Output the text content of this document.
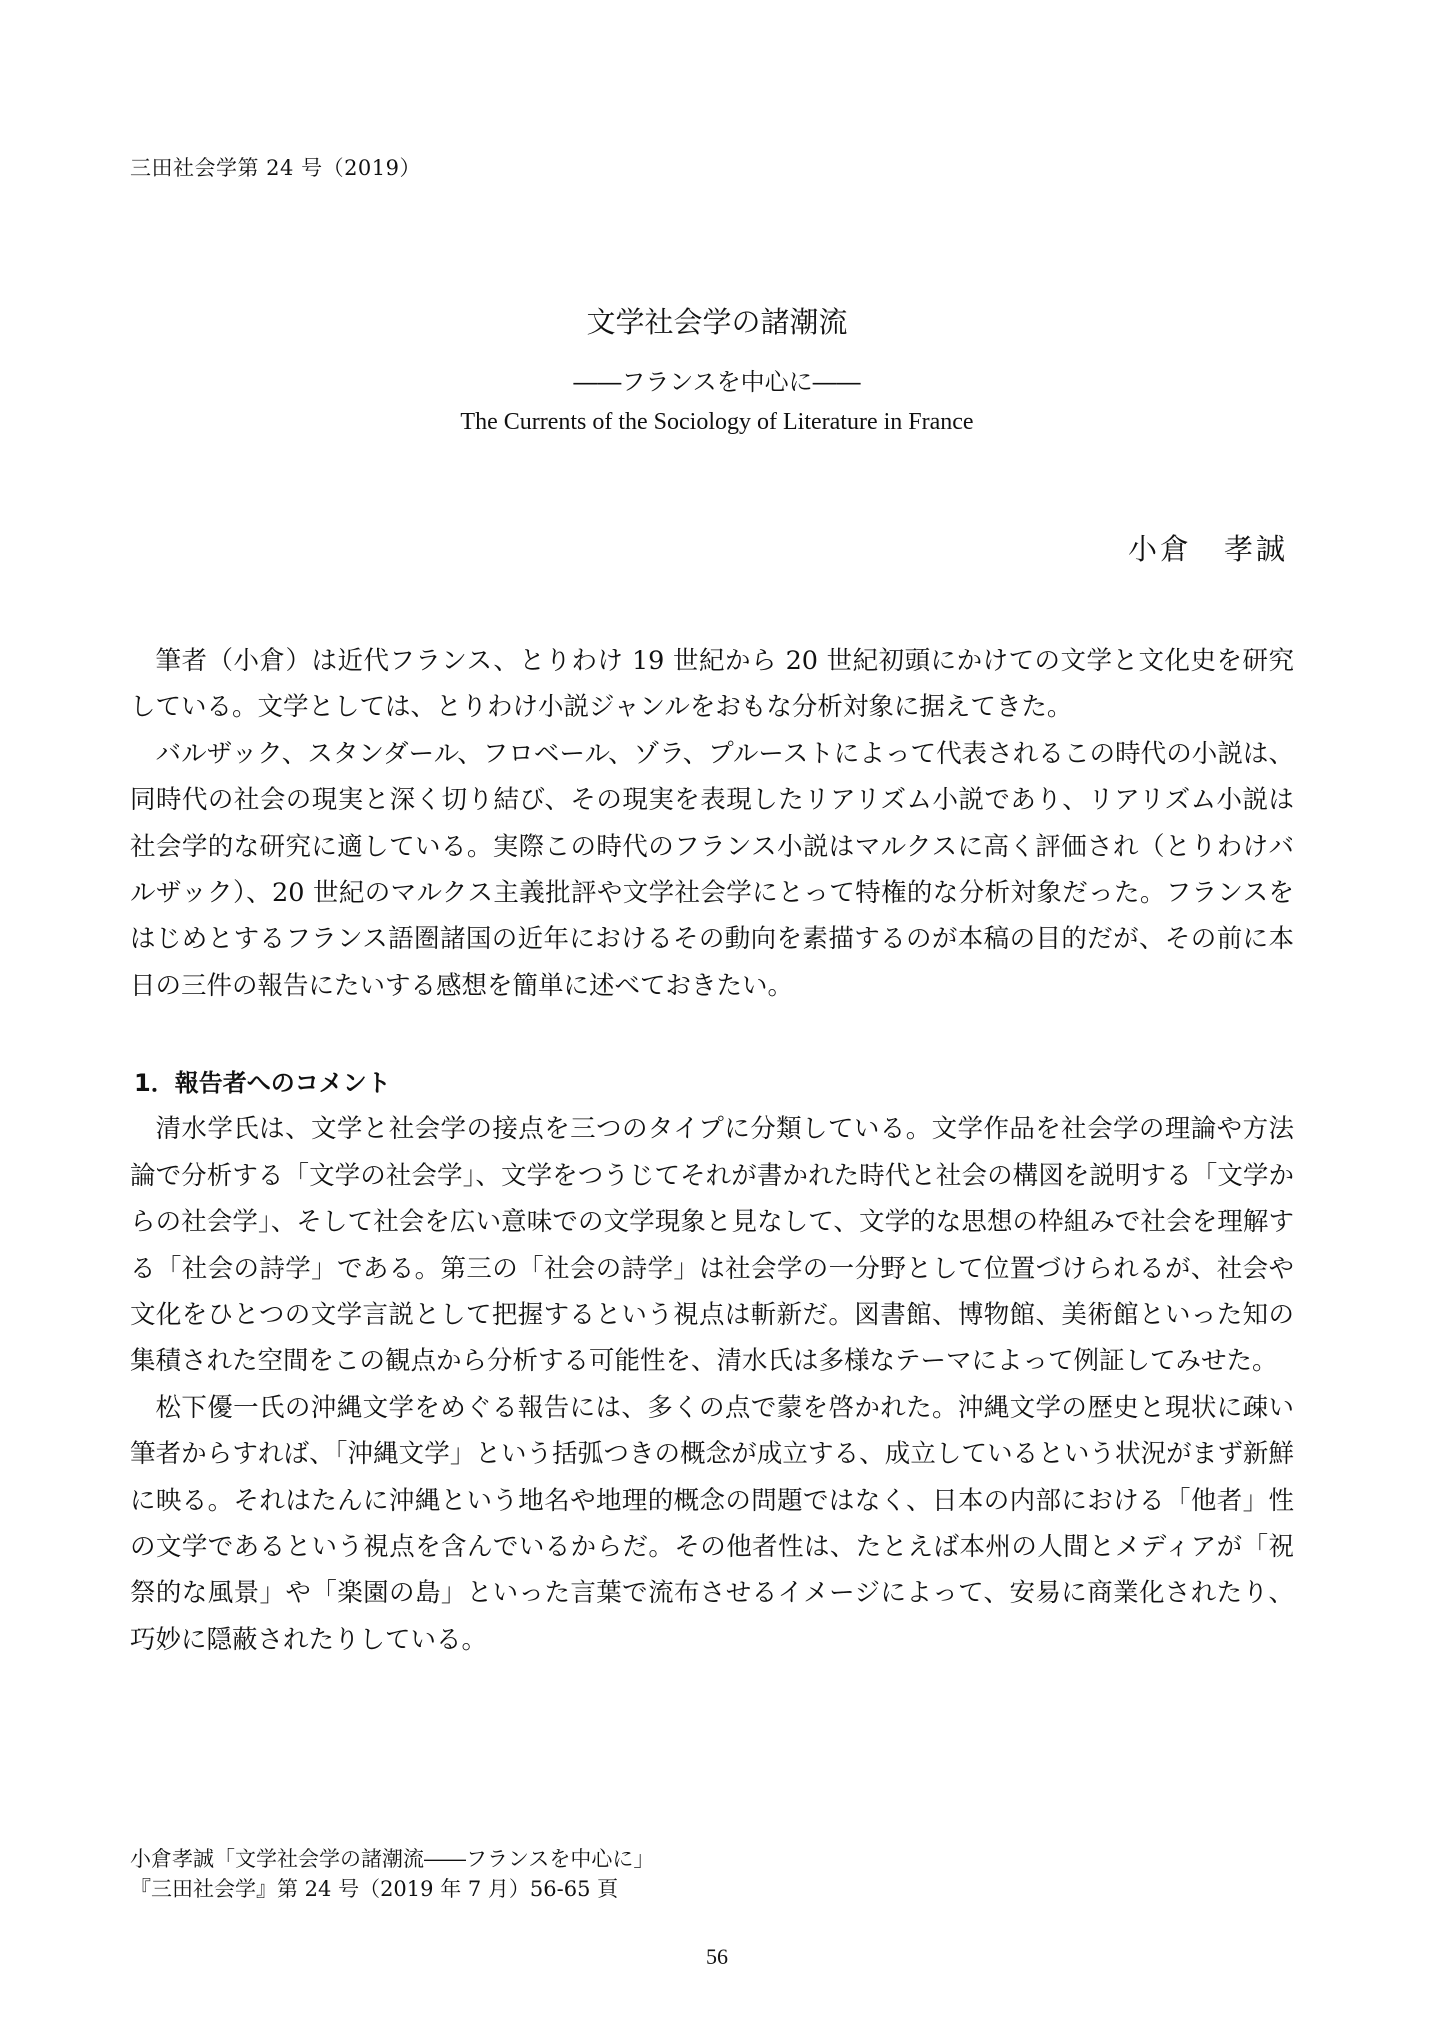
三田社会学第 24 号（2019）
文学社会学の諸潮流
――フランスを中心に――
The Currents of the Sociology of Literature in France
小倉　孝誠

筆者（小倉）は近代フランス、とりわけ 19 世紀から 20 世紀初頭にかけての文学と文化史を研究している。文学としては、とりわけ小説ジャンルをおもな分析対象に据えてきた。

バルザック、スタンダール、フロベール、ゾラ、プルーストによって代表されるこの時代の小説は、同時代の社会の現実と深く切り結び、その現実を表現したリアリズム小説であり、リアリズム小説は社会学的な研究に適している。実際この時代のフランス小説はマルクスに高く評価され（とりわけバルザック）、20 世紀のマルクス主義批評や文学社会学にとって特権的な分析対象だった。フランスをはじめとするフランス語圏諸国の近年におけるその動向を素描するのが本稿の目的だが、その前に本日の三件の報告にたいする感想を簡単に述べておきたい。

1．報告者へのコメント

清水学氏は、文学と社会学の接点を三つのタイプに分類している。文学作品を社会学の理論や方法論で分析する「文学の社会学」、文学をつうじてそれが書かれた時代と社会の構図を説明する「文学からの社会学」、そして社会を広い意味での文学現象と見なして、文学的な思想の枠組みで社会を理解する「社会の詩学」である。第三の「社会の詩学」は社会学の一分野として位置づけられるが、社会や文化をひとつの文学言説として把握するという視点は斬新だ。図書館、博物館、美術館といった知の集積された空間をこの観点から分析する可能性を、清水氏は多様なテーマによって例証してみせた。

松下優一氏の沖縄文学をめぐる報告には、多くの点で蒙を啓かれた。沖縄文学の歴史と現状に疎い筆者からすれば、「沖縄文学」という括弧つきの概念が成立する、成立しているという状況がまず新鮮に映る。それはたんに沖縄という地名や地理的概念の問題ではなく、日本の内部における「他者」性の文学であるという視点を含んでいるからだ。その他者性は、たとえば本州の人間とメディアが「祝祭的な風景」や「楽園の島」といった言葉で流布させるイメージによって、安易に商業化されたり、巧妙に隠蔽されたりしている。

小倉孝誠「文学社会学の諸潮流――フランスを中心に」
『三田社会学』第 24 号（2019 年 7 月）56-65 頁
56
